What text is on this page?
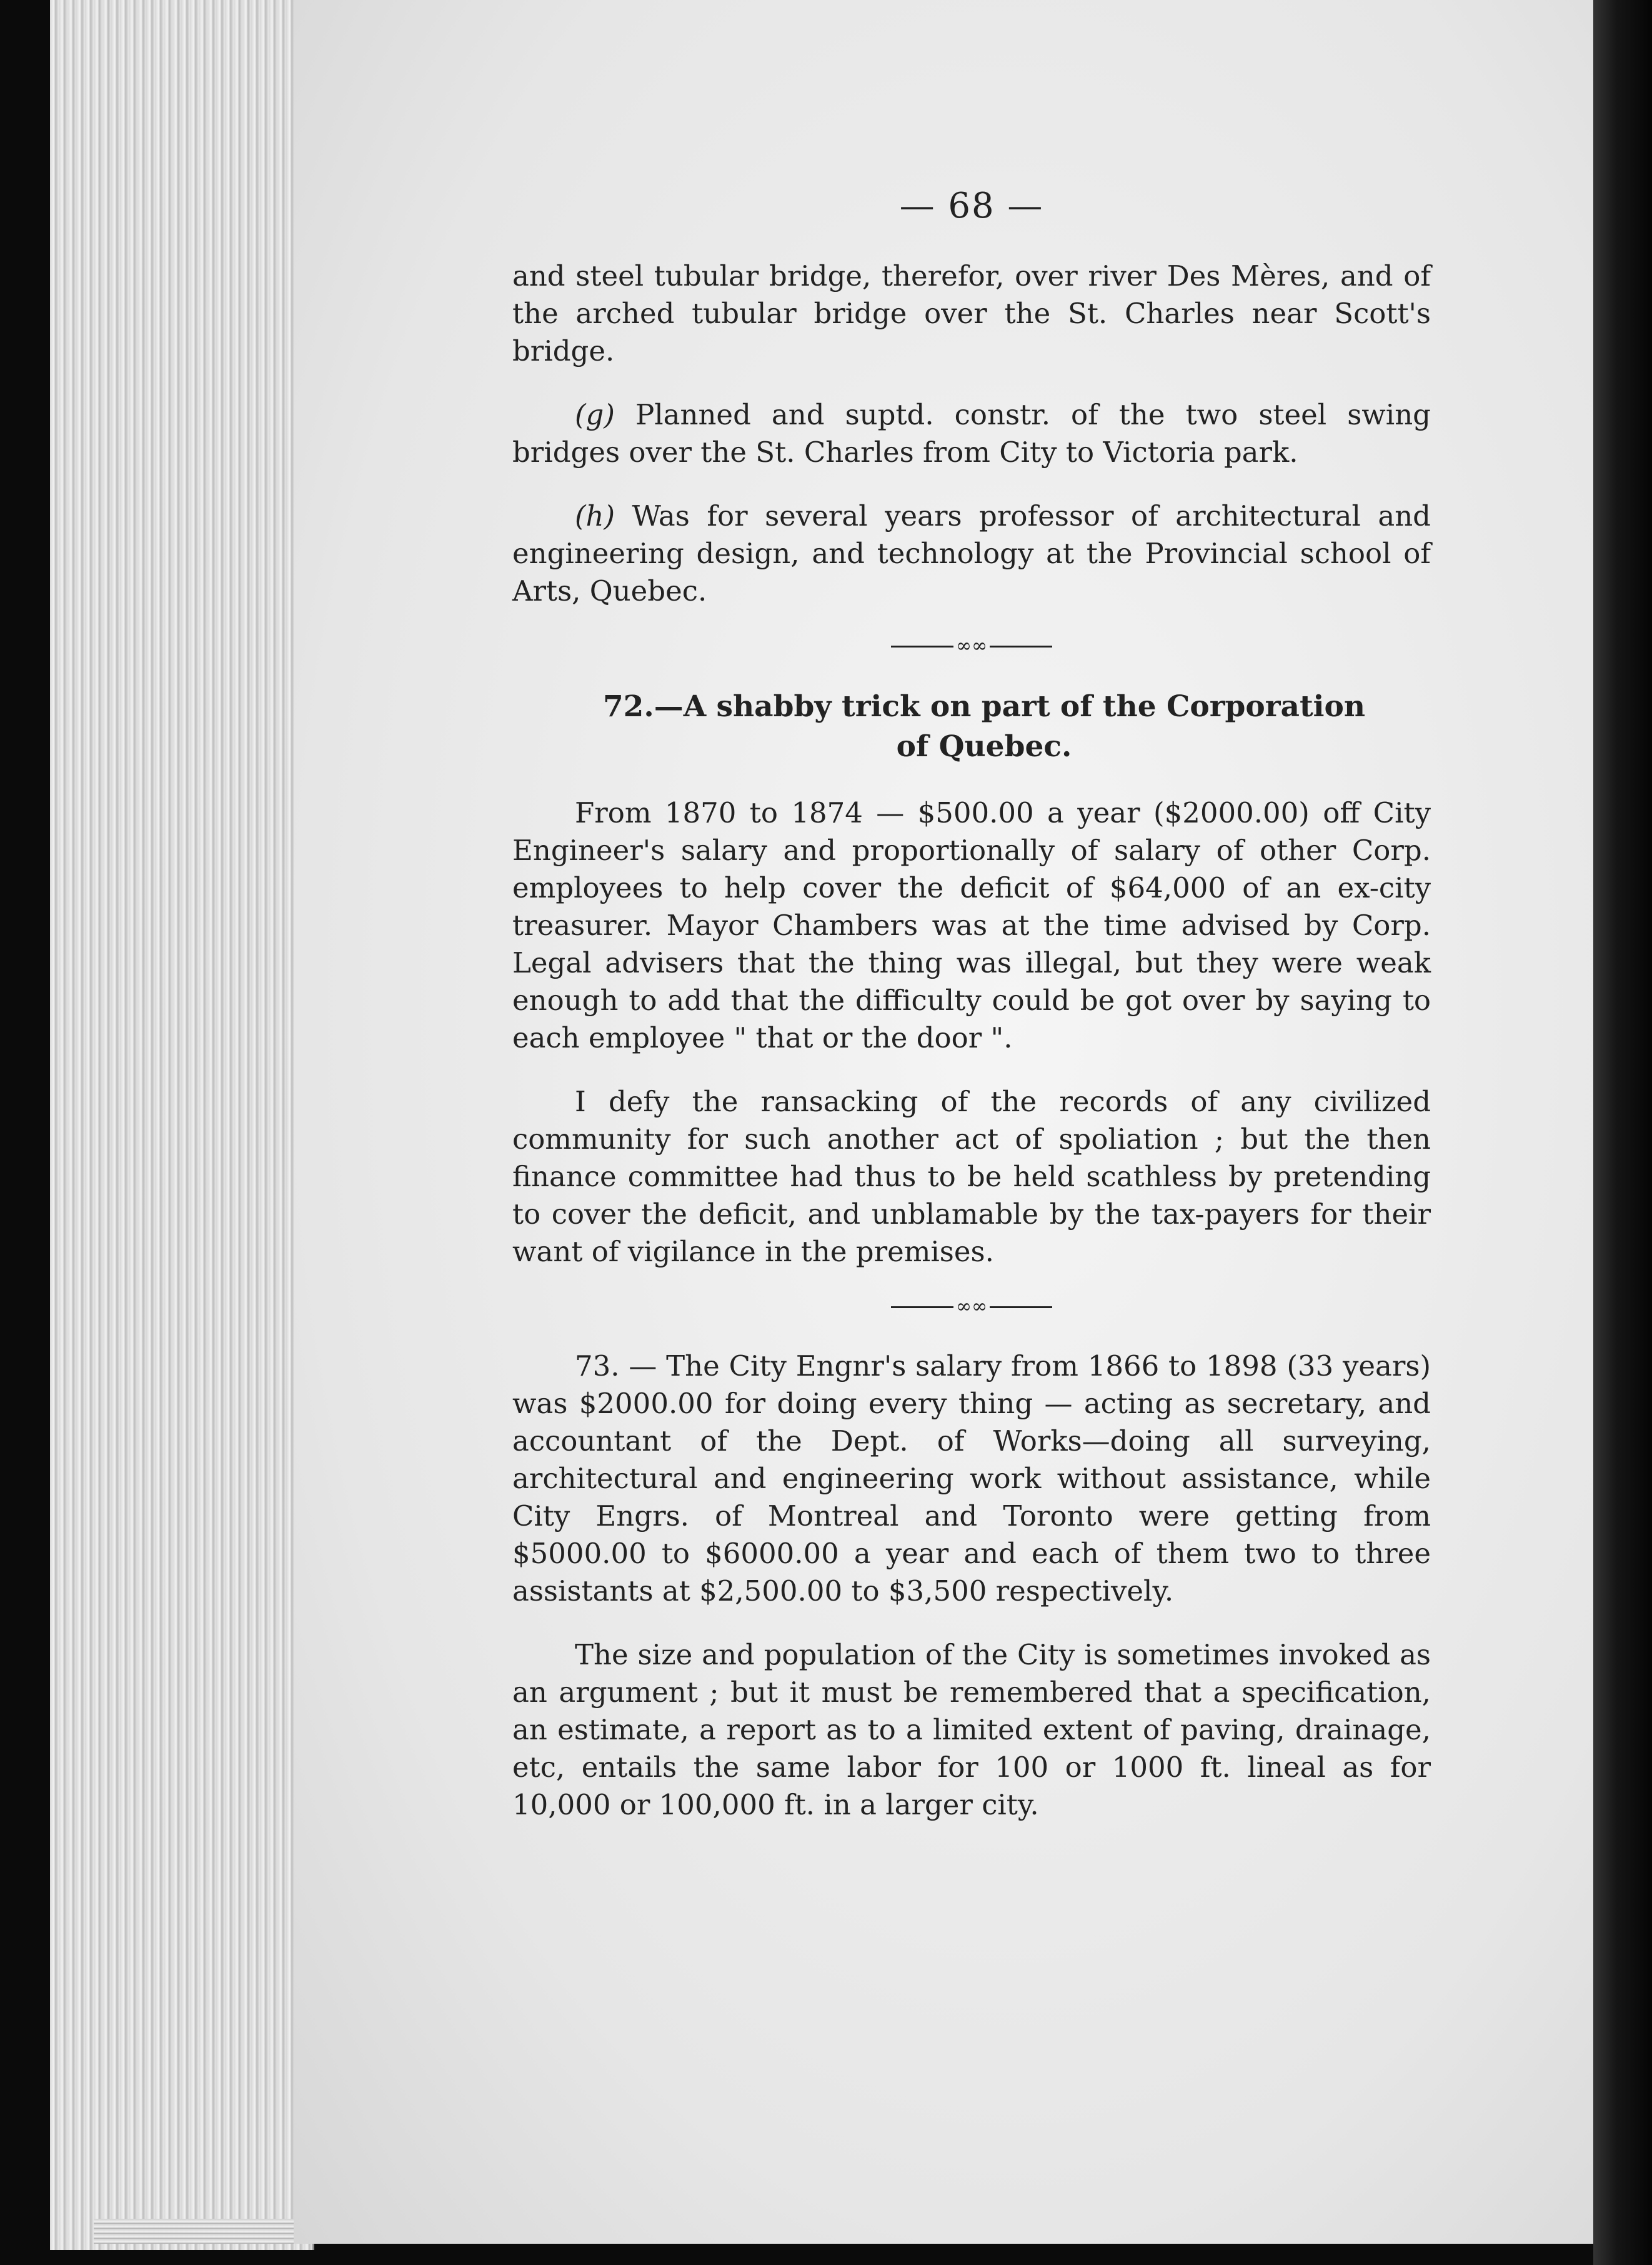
— 68 —

and steel tubular bridge, therefor, over river Des Mères, and of the arched tubular bridge over the St. Charles near Scott's bridge.

(g) Planned and suptd. constr. of the two steel swing bridges over the St. Charles from City to Victoria park.

(h) Was for several years professor of architectural and engineering design, and technology at the Provincial school of Arts, Quebec.

∞∞
72.—A shabby trick on part of the Corporation
of Quebec.

From 1870 to 1874 — $500.00 a year ($2000.00) off City Engineer's salary and proportionally of salary of other Corp. employees to help cover the deficit of $64,000 of an ex-city treasurer. Mayor Chambers was at the time advised by Corp. Legal advisers that the thing was illegal, but they were weak enough to add that the difficulty could be got over by saying to each employee " that or the door ".

I defy the ransacking of the records of any civilized community for such another act of spoliation ; but the then finance committee had thus to be held scathless by pretending to cover the deficit, and unblamable by the tax-payers for their want of vigilance in the premises.

∞∞

73. — The City Engnr's salary from 1866 to 1898 (33 years) was $2000.00 for doing every thing — acting as secretary, and accountant of the Dept. of Works—doing all surveying, architectural and engineering work without assistance, while City Engrs. of Montreal and Toronto were getting from $5000.00 to $6000.00 a year and each of them two to three assistants at $2,500.00 to $3,500 respectively.

The size and population of the City is sometimes invoked as an argument ; but it must be remembered that a specification, an estimate, a report as to a limited extent of paving, drainage, etc, entails the same labor for 100 or 1000 ft. lineal as for 10,000 or 100,000 ft. in a larger city.
